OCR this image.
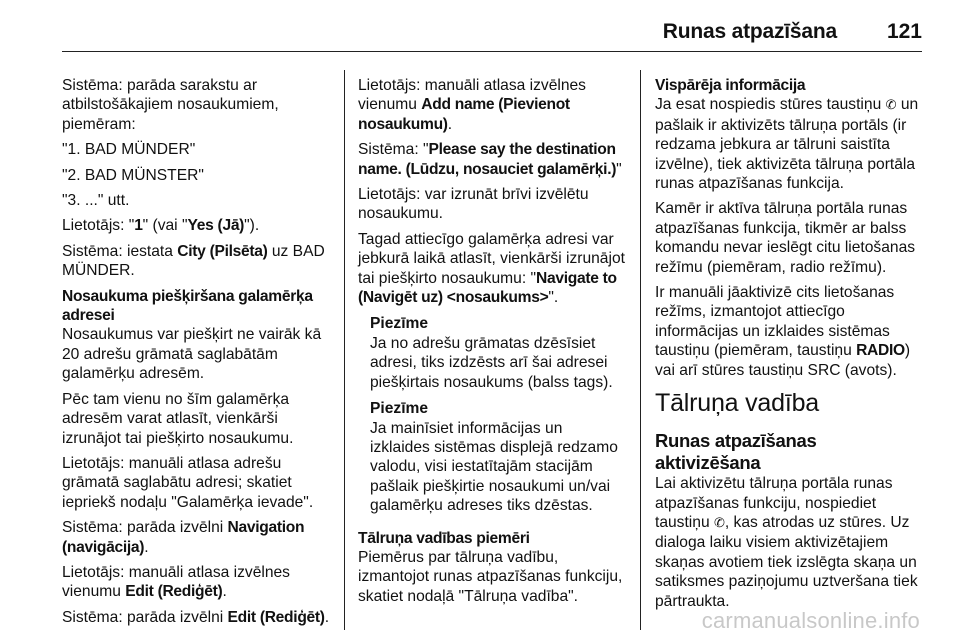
Runas atpazīšana 121

Sistēma: parāda sarakstu ar atbilstošākajiem nosaukumiem, piemēram:

"1. BAD MÜNDER"

"2. BAD MÜNSTER"

"3. ..." utt.

Lietotājs: "1" (vai "Yes (Jā)").

Sistēma: iestata City (Pilsēta) uz BAD MÜNDER.

Nosaukuma piešķiršana galamērķa adresei

Nosaukumus var piešķirt ne vairāk kā 20 adrešu grāmatā saglabātām galamērķu adresēm.

Pēc tam vienu no šīm galamērķa adresēm varat atlasīt, vienkārši izrunājot tai piešķirto nosaukumu.

Lietotājs: manuāli atlasa adrešu grāmatā saglabātu adresi; skatiet iepriekš nodaļu "Galamērķa ievade".

Sistēma: parāda izvēlni Navigation (navigācija).

Lietotājs: manuāli atlasa izvēlnes vienumu Edit (Rediģēt).

Sistēma: parāda izvēlni Edit (Rediģēt).

Lietotājs: manuāli atlasa izvēlnes vienumu Add name (Pievienot nosaukumu).

Sistēma: "Please say the destination name. (Lūdzu, nosauciet galamērķi.)"

Lietotājs: var izrunāt brīvi izvēlētu nosaukumu.

Tagad attiecīgo galamērķa adresi var jebkurā laikā atlasīt, vienkārši izrunājot tai piešķirto nosaukumu: "Navigate to (Navigēt uz) <nosaukums>".

Piezīme
Ja no adrešu grāmatas dzēsīsiet adresi, tiks izdzēsts arī šai adresei piešķirtais nosaukums (balss tags).
Piezīme
Ja mainīsiet informācijas un izklaides sistēmas displejā redzamo valodu, visi iestatītajām stacijām pašlaik piešķirtie nosaukumi un/vai galamērķu adreses tiks dzēstas.
Tālruņa vadības piemēri

Piemērus par tālruņa vadību, izmantojot runas atpazīšanas funkciju, skatiet nodaļā "Tālruņa vadība".

Vispārēja informācija

Ja esat nospiedis stūres taustiņu ✆ un pašlaik ir aktivizēts tālruņa portāls (ir redzama jebkura ar tālruni saistīta izvēlne), tiek aktivizēta tālruņa portāla runas atpazīšanas funkcija.

Kamēr ir aktīva tālruņa portāla runas atpazīšanas funkcija, tikmēr ar balss komandu nevar ieslēgt citu lietošanas režīmu (piemēram, radio režīmu).

Ir manuāli jāaktivizē cits lietošanas režīms, izmantojot attiecīgo informācijas un izklaides sistēmas taustiņu (piemēram, taustiņu RADIO) vai arī stūres taustiņu SRC (avots).

Tālruņa vadība
Runas atpazīšanas aktivizēšana

Lai aktivizētu tālruņa portāla runas atpazīšanas funkciju, nospiediet taustiņu ✆, kas atrodas uz stūres. Uz dialoga laiku visiem aktivizētajiem skaņas avotiem tiek izslēgta skaņa un satiksmes paziņojumu uztveršana tiek pārtraukta.

carmanualsonline.info
